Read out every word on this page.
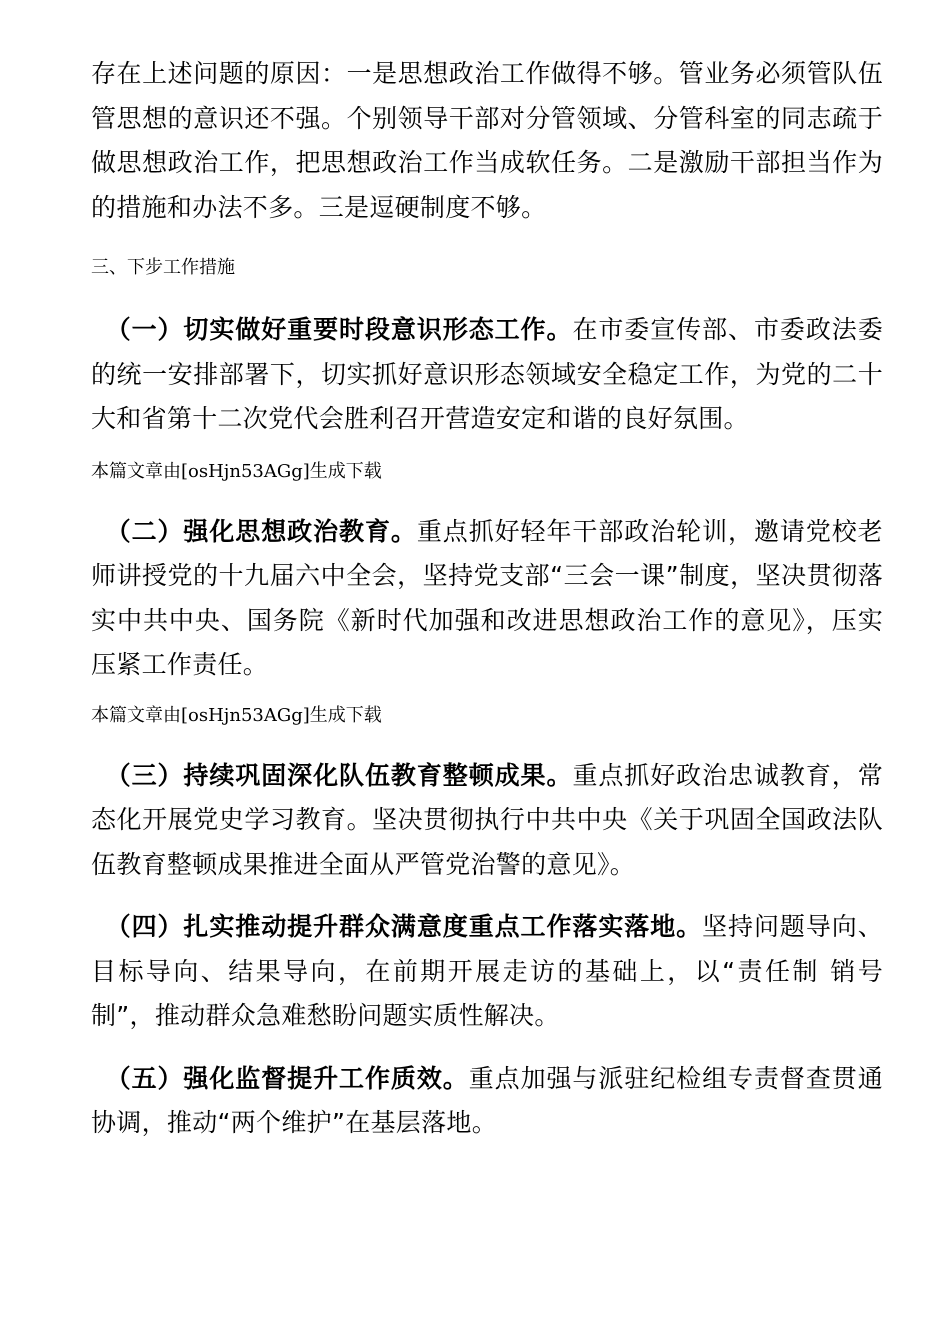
存在上述问题的原因：一是思想政治工作做得不够。管业务必须管队伍管思想的意识还不强。个别领导干部对分管领域、分管科室的同志疏于做思想政治工作，把思想政治工作当成软任务。二是激励干部担当作为的措施和办法不多。三是逗硬制度不够。

三、下步工作措施

（一）切实做好重要时段意识形态工作。在市委宣传部、市委政法委的统一安排部署下，切实抓好意识形态领域安全稳定工作，为党的二十大和省第十二次党代会胜利召开营造安定和谐的良好氛围。

本篇文章由[osHjn53AGg]生成下载

（二）强化思想政治教育。重点抓好轻年干部政治轮训，邀请党校老师讲授党的十九届六中全会，坚持党支部“三会一课”制度，坚决贯彻落实中共中央、国务院《新时代加强和改进思想政治工作的意见》，压实压紧工作责任。

本篇文章由[osHjn53AGg]生成下载

（三）持续巩固深化队伍教育整顿成果。重点抓好政治忠诚教育，常态化开展党史学习教育。坚决贯彻执行中共中央《关于巩固全国政法队伍教育整顿成果推进全面从严管党治警的意见》。

（四）扎实推动提升群众满意度重点工作落实落地。坚持问题导向、目标导向、结果导向，在前期开展走访的基础上，以“责任制 销号制”，推动群众急难愁盼问题实质性解决。

（五）强化监督提升工作质效。重点加强与派驻纪检组专责督查贯通协调，推动“两个维护”在基层落地。
